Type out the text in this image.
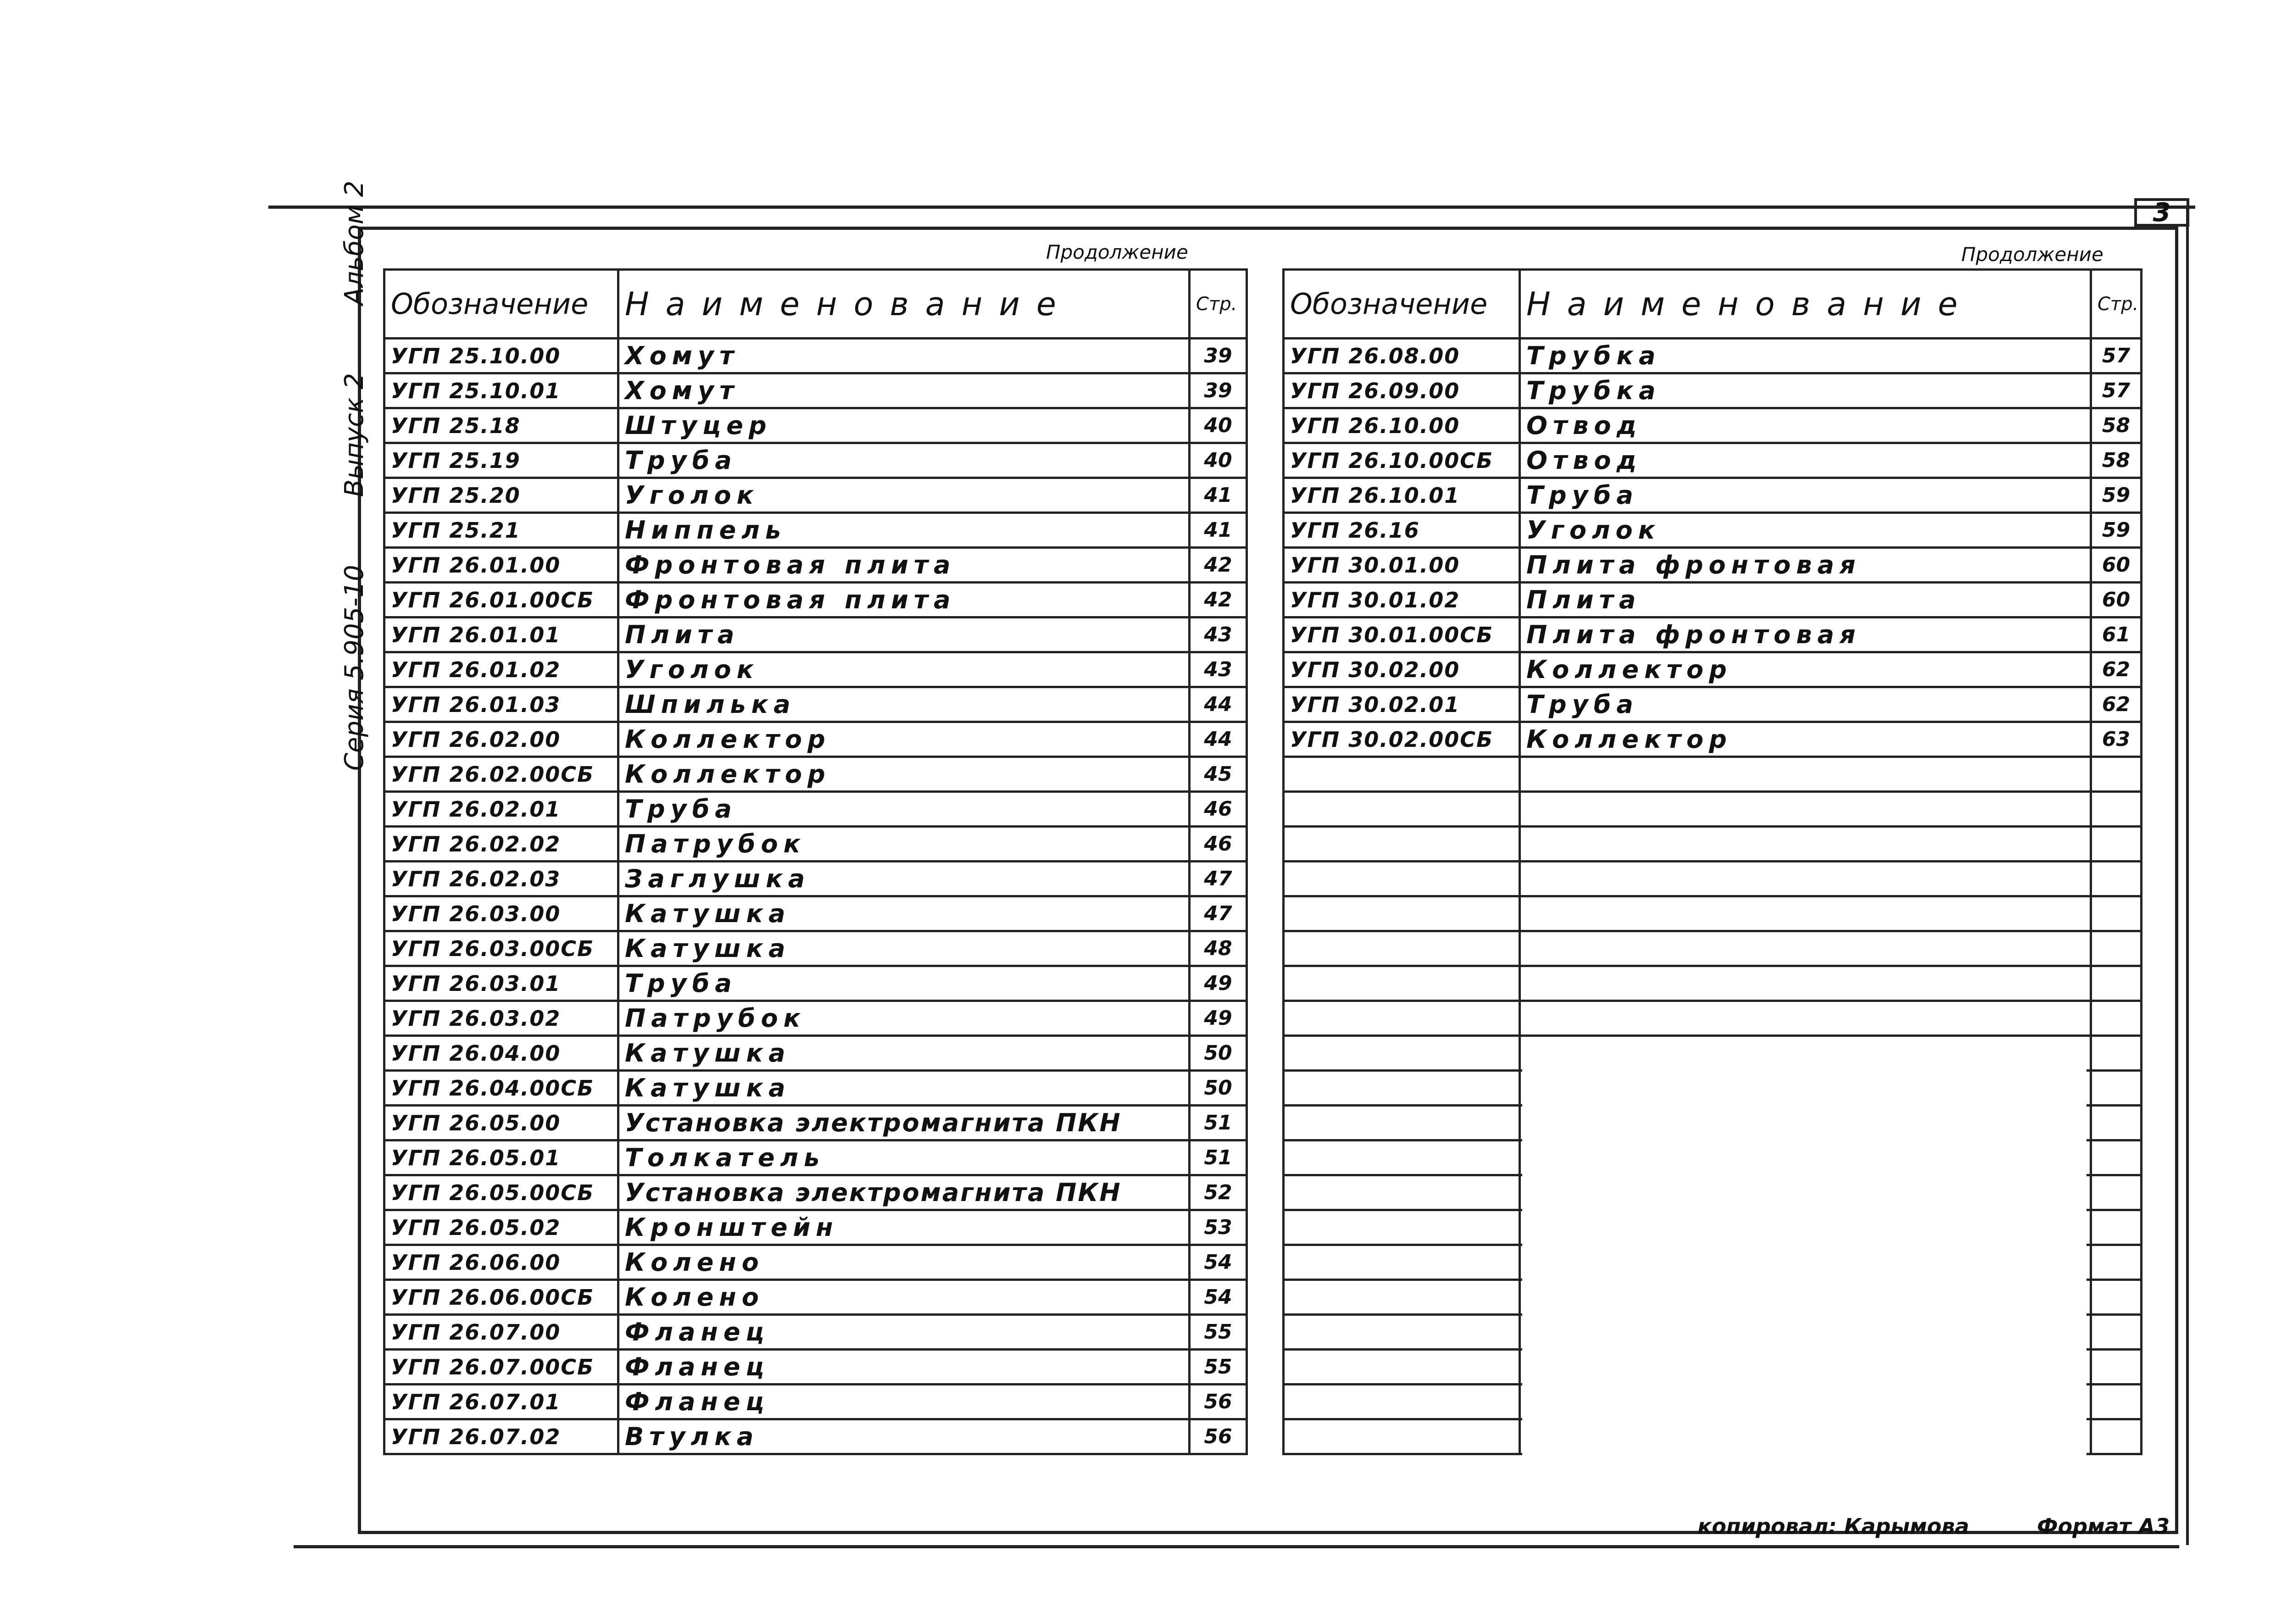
3
Серия 5.905-10 Выпуск 2 Альбом 2	Продолжение	Продолжение
Обозначение	Наименование	Стр.
УГП 25.10.00	Хомут	39
УГП 25.10.01	Хомут	39
УГП 25.18	Штуцер	40
УГП 25.19	Труба	40
УГП 25.20	Уголок	41
УГП 25.21	Ниппель	41
УГП 26.01.00	Фронтовая плита	42
УГП 26.01.00СБ	Фронтовая плита	42
УГП 26.01.01	Плита	43
УГП 26.01.02	Уголок	43
УГП 26.01.03	Шпилька	44
УГП 26.02.00	Коллектор	44
УГП 26.02.00СБ	Коллектор	45
УГП 26.02.01	Труба	46
УГП 26.02.02	Патрубок	46
УГП 26.02.03	Заглушка	47
УГП 26.03.00	Катушка	47
УГП 26.03.00СБ	Катушка	48
УГП 26.03.01	Труба	49
УГП 26.03.02	Патрубок	49
УГП 26.04.00	Катушка	50
УГП 26.04.00СБ	Катушка	50
УГП 26.05.00	Установка электромагнита ПКН	51
УГП 26.05.01	Толкатель	51
УГП 26.05.00СБ	Установка электромагнита ПКН	52
УГП 26.05.02	Кронштейн	53
УГП 26.06.00	Колено	54
УГП 26.06.00СБ	Колено	54
УГП 26.07.00	Фланец	55
УГП 26.07.00СБ	Фланец	55
УГП 26.07.01	Фланец	56
УГП 26.07.02	Втулка	56
Обозначение	Наименование	Стр.
УГП 26.08.00	Трубка	57
УГП 26.09.00	Трубка	57
УГП 26.10.00	Отвод	58
УГП 26.10.00СБ	Отвод	58
УГП 26.10.01	Труба	59
УГП 26.16	Уголок	59
УГП 30.01.00	Плита фронтовая	60
УГП 30.01.02	Плита	60
УГП 30.01.00СБ	Плита фронтовая	61
УГП 30.02.00	Коллектор	62
УГП 30.02.01	Труба	62
УГП 30.02.00СБ	Коллектор	63

копировал: Карымова	Формат А3
